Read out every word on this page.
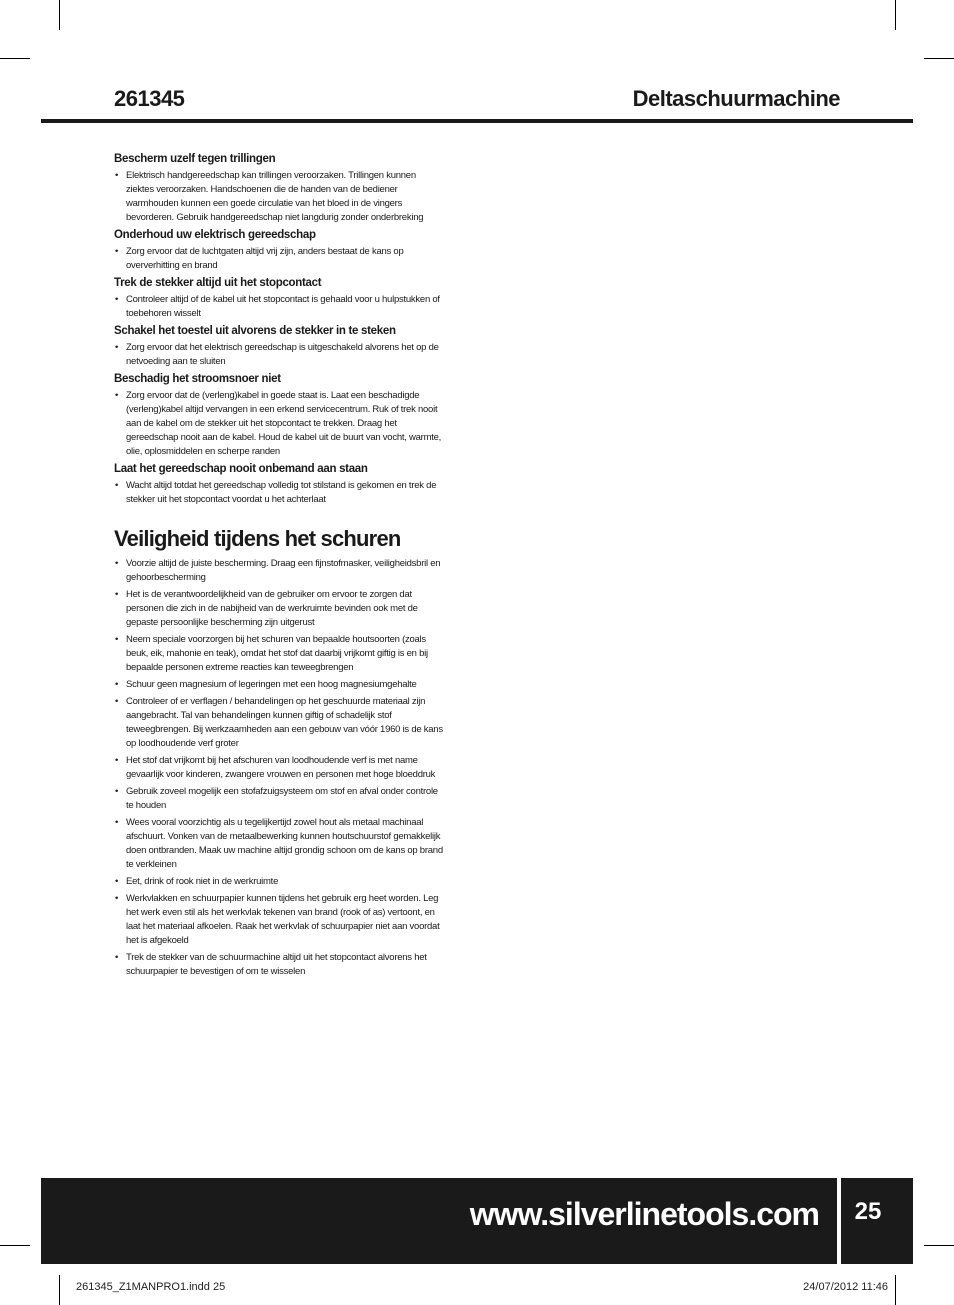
261345	Deltaschuurmachine
Bescherm uzelf tegen trillingen
• Elektrisch handgereedschap kan trillingen veroorzaken. Trillingen kunnen ziektes veroorzaken. Handschoenen die de handen van de bediener warmhouden kunnen een goede circulatie van het bloed in de vingers bevorderen. Gebruik handgereedschap niet langdurig zonder onderbreking
Onderhoud uw elektrisch gereedschap
• Zorg ervoor dat de luchtgaten altijd vrij zijn, anders bestaat de kans op oververhitting en brand
Trek de stekker altijd uit het stopcontact
• Controleer altijd of de kabel uit het stopcontact is gehaald voor u hulpstukken of toebehoren wisselt
Schakel het toestel uit alvorens de stekker in te steken
• Zorg ervoor dat het elektrisch gereedschap is uitgeschakeld alvorens het op de netvoeding aan te sluiten
Beschadig het stroomsnoer niet
• Zorg ervoor dat de (verleng)kabel in goede staat is. Laat een beschadigde (verleng)kabel altijd vervangen in een erkend servicecentrum. Ruk of trek nooit aan de kabel om de stekker uit het stopcontact te trekken. Draag het gereedschap nooit aan de kabel. Houd de kabel uit de buurt van vocht, warmte, olie, oplosmiddelen en scherpe randen
Laat het gereedschap nooit onbemand aan staan
• Wacht altijd totdat het gereedschap volledig tot stilstand is gekomen en trek de stekker uit het stopcontact voordat u het achterlaat
Veiligheid tijdens het schuren
• Voorzie altijd de juiste bescherming. Draag een fijnstofmasker, veiligheidsbril en gehoorbescherming
• Het is de verantwoordelijkheid van de gebruiker om ervoor te zorgen dat personen die zich in de nabijheid van de werkruimte bevinden ook met de gepaste persoonlijke bescherming zijn uitgerust
• Neem speciale voorzorgen bij het schuren van bepaalde houtsoorten (zoals beuk, eik, mahonie en teak), omdat het stof dat daarbij vrijkomt giftig is en bij bepaalde personen extreme reacties kan teweegbrengen
• Schuur geen magnesium of legeringen met een hoog magnesiumgehalte
• Controleer of er verflagen / behandelingen op het geschuurde materiaal zijn aangebracht. Tal van behandelingen kunnen giftig of schadelijk stof teweegbrengen. Bij werkzaamheden aan een gebouw van vóór 1960 is de kans op loodhoudende verf groter
• Het stof dat vrijkomt bij het afschuren van loodhoudende verf is met name gevaarlijk voor kinderen, zwangere vrouwen en personen met hoge bloeddruk
• Gebruik zoveel mogelijk een stofafzuigsysteem om stof en afval onder controle te houden
• Wees vooral voorzichtig als u tegelijkertijd zowel hout als metaal machinaal afschuurt. Vonken van de metaalbewerking kunnen houtschuurstof gemakkelijk doen ontbranden. Maak uw machine altijd grondig schoon om de kans op brand te verkleinen
• Eet, drink of rook niet in de werkruimte
• Werkvlakken en schuurpapier kunnen tijdens het gebruik erg heet worden. Leg het werk even stil als het werkvlak tekenen van brand (rook of as) vertoont, en laat het materiaal afkoelen. Raak het werkvlak of schuurpapier niet aan voordat het is afgekoeld
• Trek de stekker van de schuurmachine altijd uit het stopcontact alvorens het schuurpapier te bevestigen of om te wisselen
www.silverlinetools.com	25
261345_Z1MANPRO1.indd 25	24/07/2012 11:46
